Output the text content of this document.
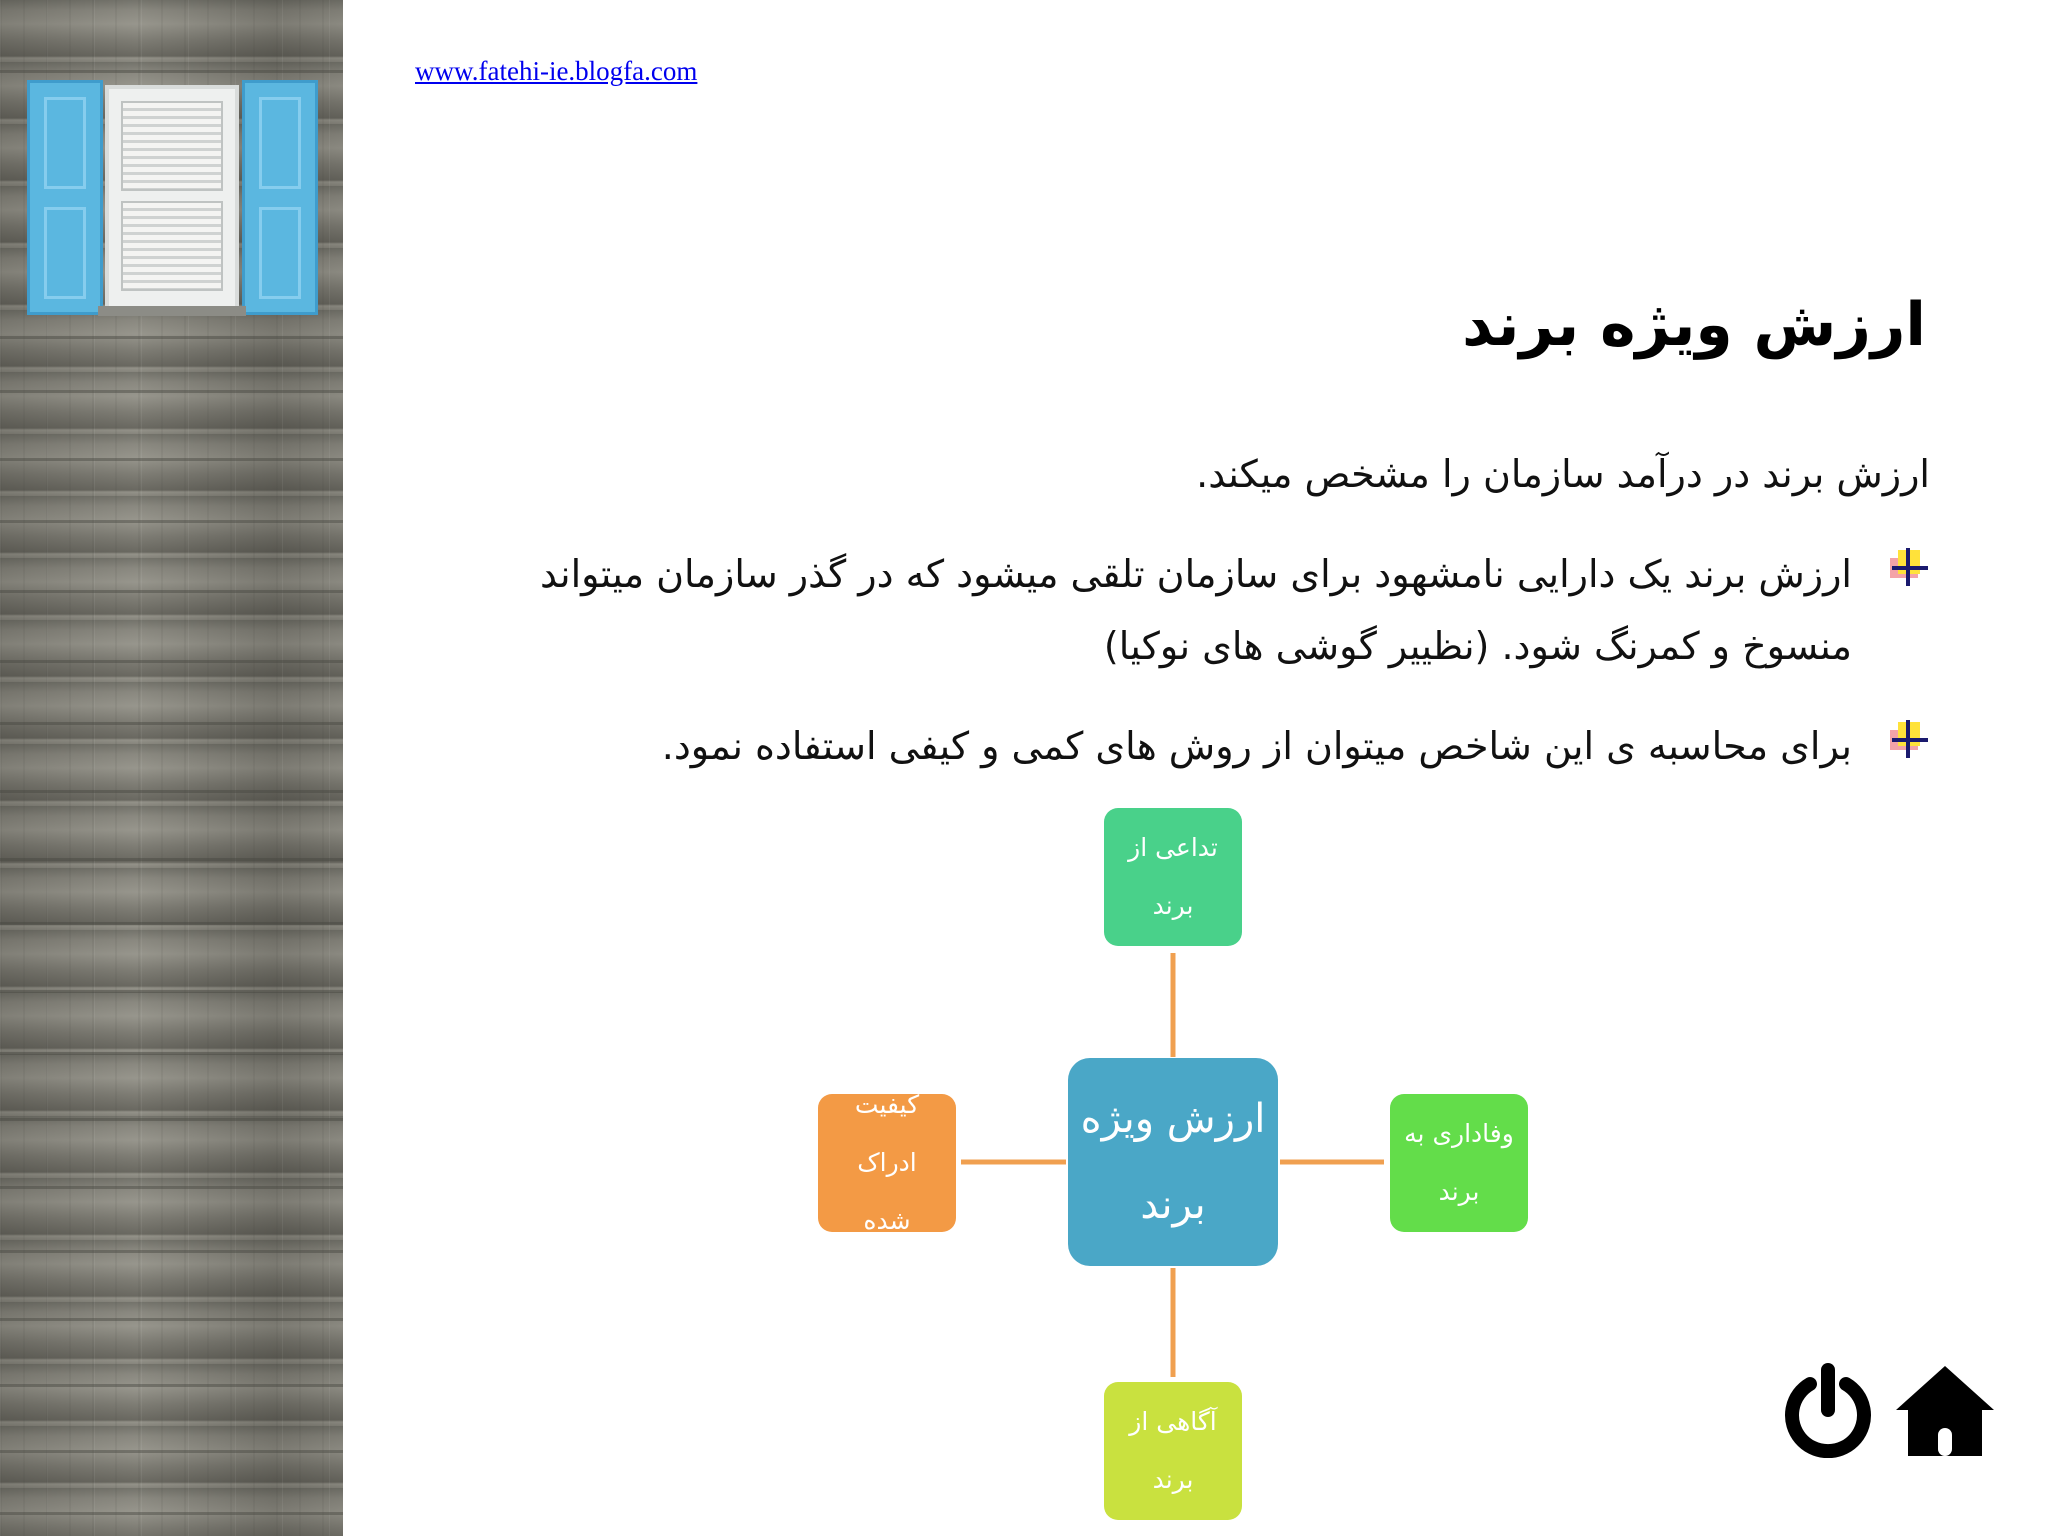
www.fatehi-ie.blogfa.com
ارزش ویژه برند

ارزش برند در درآمد سازمان را مشخص میکند.

ارزش برند یک دارایی نامشهود برای سازمان تلقی میشود که در گذر سازمان میتواند منسوخ و کمرنگ شود. (نظییر گوشی های نوکیا)
برای محاسبه ی این شاخص میتوان از روش های کمی و کیفی استفاده نمود.
ارزش ویژه برند
تداعی از برند
وفاداری به برند
آگاهی از برند
کیفیت ادراک شده
